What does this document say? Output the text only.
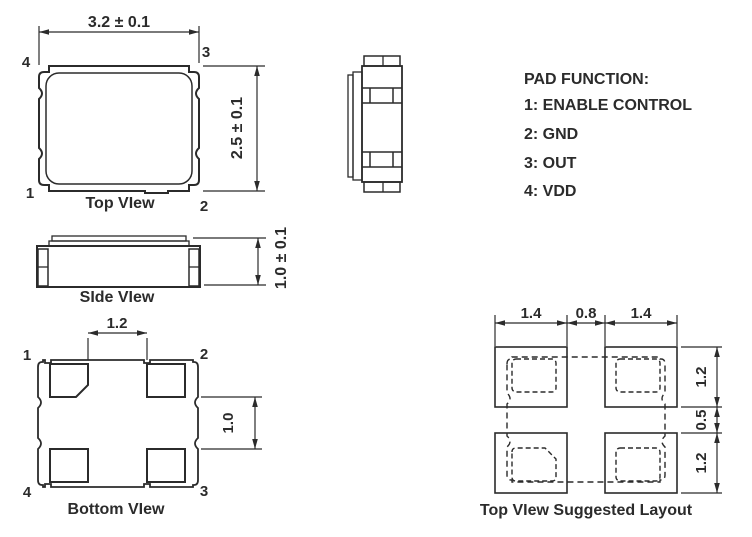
3.2 ± 0.1
2.5 ± 0.1
4
3
1
2
Top VIew
PAD FUNCTION:
1: ENABLE CONTROL
2: GND
3: OUT
4: VDD
1.0 ± 0.1
SIde VIew
1.2
1.0
1	2
4	3
Bottom VIew
1.4 0.8 1.4
1.2
0.5
1.2
Top VIew Suggested Layout
